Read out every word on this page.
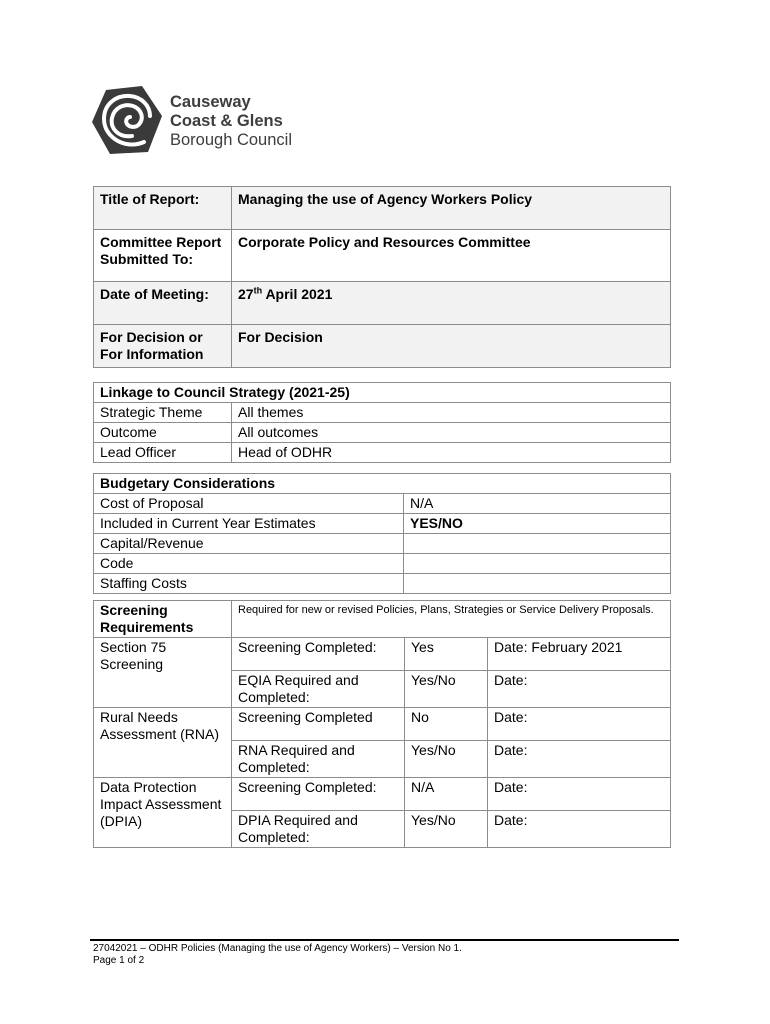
Causeway
Coast & Glens
Borough Council
Title of Report:	Managing the use of Agency Workers Policy
Committee Report Submitted To:	Corporate Policy and Resources Committee
Date of Meeting:	27th April 2021
For Decision or For Information	For Decision
Linkage to Council Strategy (2021-25)	
Strategic Theme	All themes
Outcome	All outcomes
Lead Officer	Head of ODHR
Budgetary Considerations	
Cost of Proposal	N/A
Included in Current Year Estimates	YES/NO
Capital/Revenue	
Code	
Staffing Costs	
Screening Requirements	Required for new or revised Policies, Plans, Strategies or Service Delivery Proposals.		
Section 75 Screening	Screening Completed:	Yes	Date: February 2021
	EQIA Required and Completed:	Yes/No	Date:
Rural Needs Assessment (RNA)	Screening Completed	No	Date:
	RNA Required and Completed:	Yes/No	Date:
Data Protection Impact Assessment (DPIA)	Screening Completed:	N/A	Date:
	DPIA Required and Completed:	Yes/No	Date:
27042021 – ODHR Policies (Managing the use of Agency Workers) – Version No 1.
Page 1 of 2
